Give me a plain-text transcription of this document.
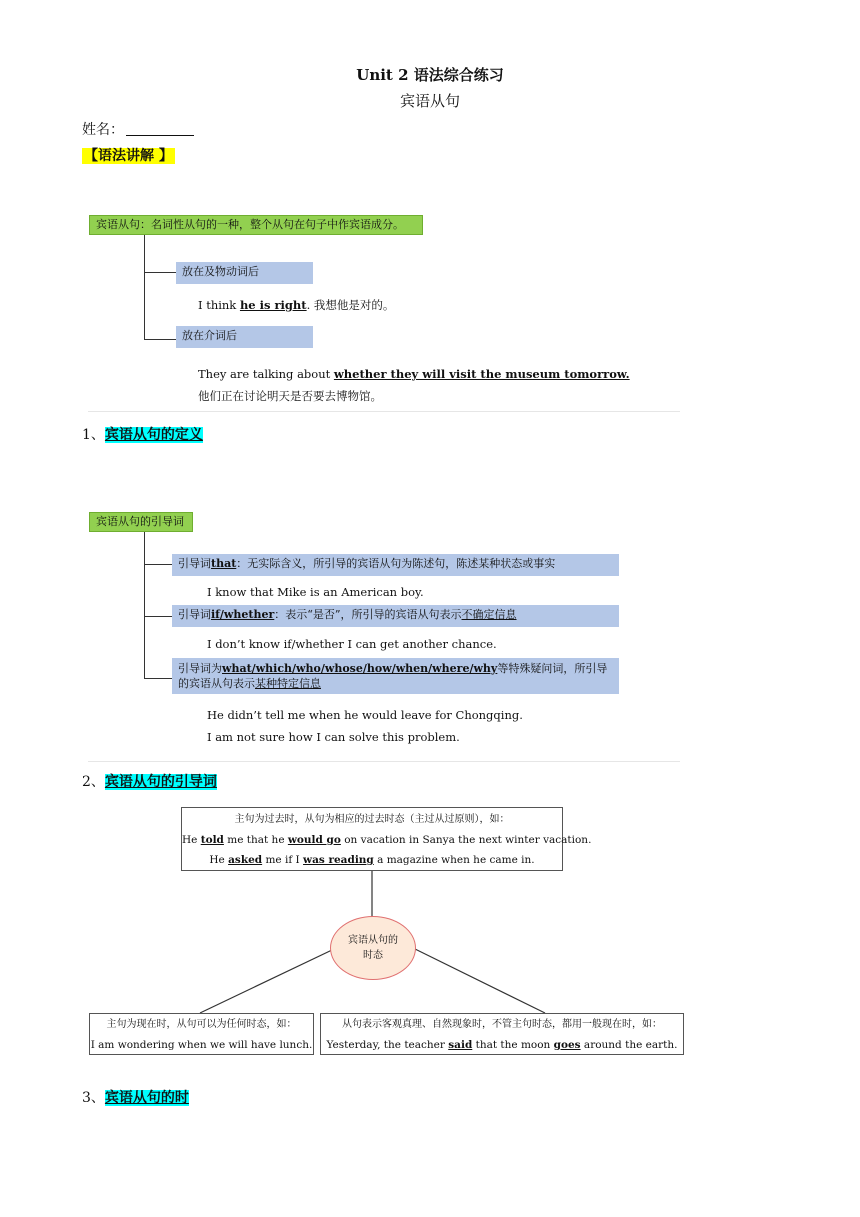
Unit 2 语法综合练习
宾语从句
姓名：
【语法讲解 】
宾语从句：名词性从句的一种，整个从句在句子中作宾语成分。
放在及物动词后
I think he is right. 我想他是对的。
放在介词后
They are talking about whether they will visit the museum tomorrow.
他们正在讨论明天是否要去博物馆。
1、宾语从句的定义
宾语从句的引导词
引导词that：无实际含义，所引导的宾语从句为陈述句，陈述某种状态或事实
I know that Mike is an American boy.
引导词if/whether：表示“是否”，所引导的宾语从句表示不确定信息
I don’t know if/whether I can get another chance.
引导词为what/which/who/whose/how/when/where/why等特殊疑问词，所引导的宾语从句表示某种特定信息
He didn’t tell me when he would leave for Chongqing.
I am not sure how I can solve this problem.
2、宾语从句的引导词
主句为过去时，从句为相应的过去时态（主过从过原则），如：
He told me that he would go on vacation in Sanya the next winter vacation.
He asked me if I was reading a magazine when he came in.
宾语从句的
时态
主句为现在时，从句可以为任何时态，如：
I am wondering when we will have lunch.
从句表示客观真理、自然现象时，不管主句时态，都用一般现在时，如：
Yesterday, the teacher said that the moon goes around the earth.
3、宾语从句的时
